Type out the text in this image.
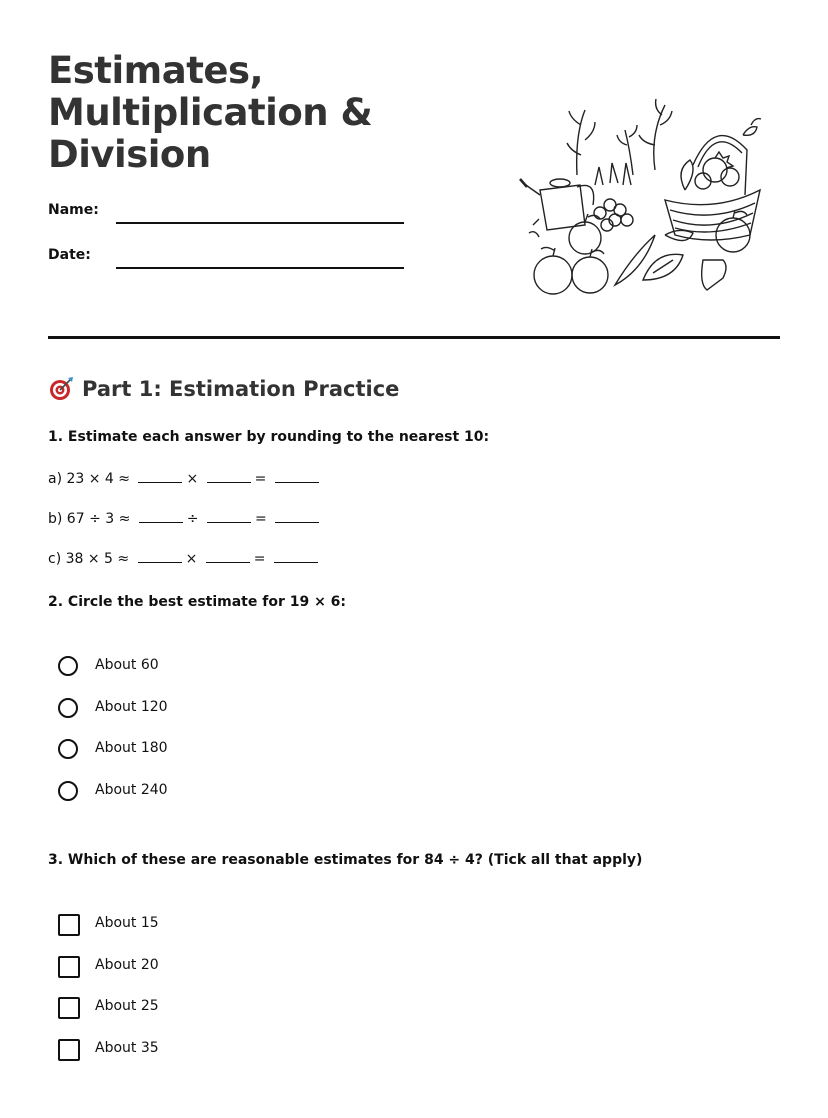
Estimates,
Multiplication &
Division
Name:
Date:
Part 1: Estimation Practice
1. Estimate each answer by rounding to the nearest 10:
a) 23 × 4 ≈	×	=
b) 67 ÷ 3 ≈	÷	=
c) 38 × 5 ≈	×	=
2. Circle the best estimate for 19 × 6:
About 60
About 120
About 180
About 240
3. Which of these are reasonable estimates for 84 ÷ 4? (Tick all that apply)
About 15
About 20
About 25
About 35
